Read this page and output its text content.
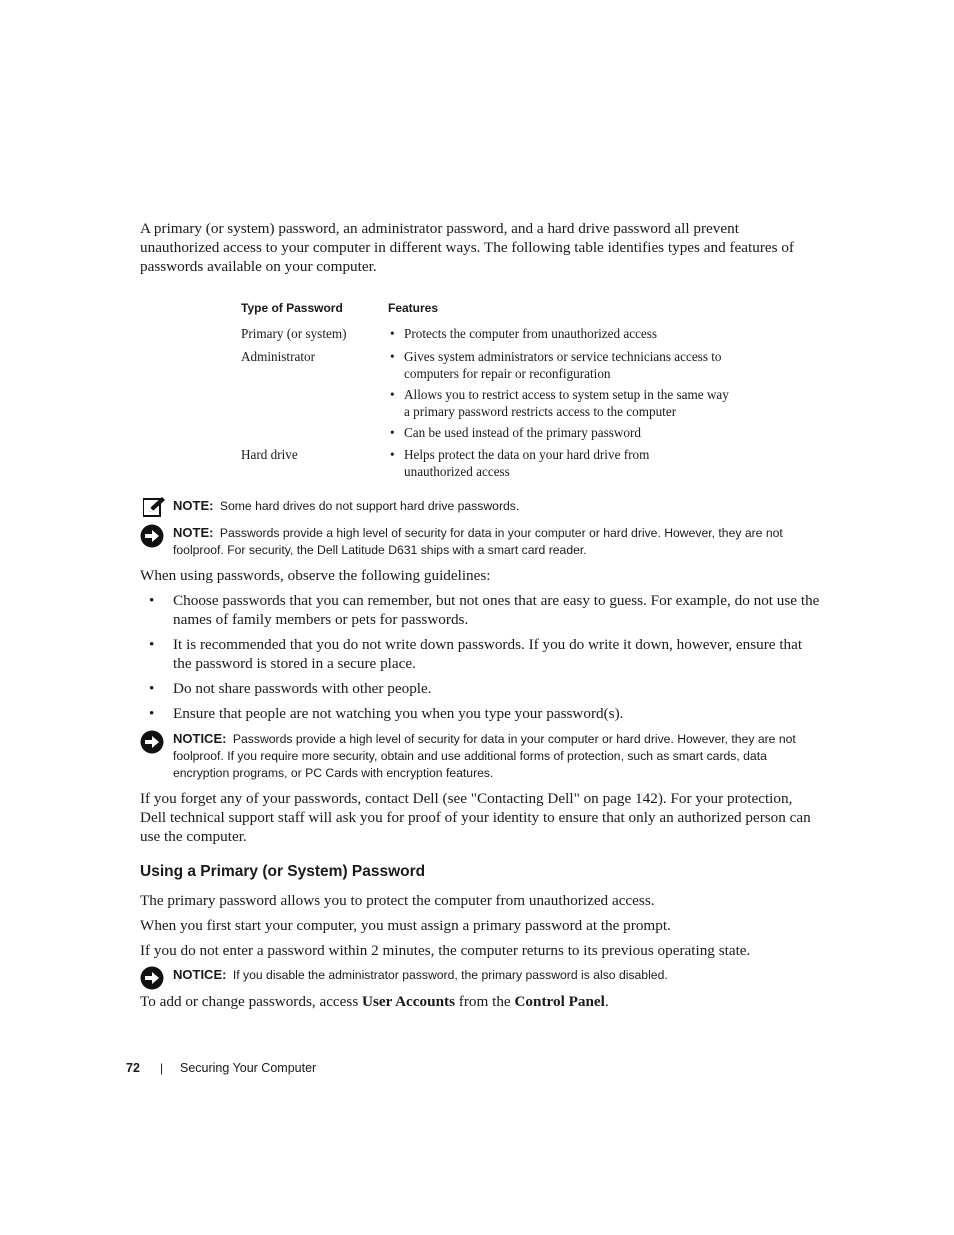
A primary (or system) password, an administrator password, and a hard drive password all prevent unauthorized access to your computer in different ways. The following table identifies types and features of passwords available on your computer.

Type of Password	Features
Primary (or system)	• Protects the computer from unauthorized access

Administrator	• Gives system administrators or service technicians access to computers for repair or reconfiguration

• Allows you to restrict access to system setup in the same way a primary password restricts access to the computer

• Can be used instead of the primary password

Hard drive	• Helps protect the data on your hard drive from unauthorized access

NOTE: Some hard drives do not support hard drive passwords.
NOTE: Passwords provide a high level of security for data in your computer or hard drive. However, they are not foolproof. For security, the Dell Latitude D631 ships with a smart card reader.

When using passwords, observe the following guidelines:

• Choose passwords that you can remember, but not ones that are easy to guess. For example, do not use the names of family members or pets for passwords.
• It is recommended that you do not write down passwords. If you do write it down, however, ensure that the password is stored in a secure place.
• Do not share passwords with other people.
• Ensure that people are not watching you when you type your password(s).
NOTICE: Passwords provide a high level of security for data in your computer or hard drive. However, they are not foolproof. If you require more security, obtain and use additional forms of protection, such as smart cards, data encryption programs, or PC Cards with encryption features.

If you forget any of your passwords, contact Dell (see "Contacting Dell" on page 142). For your protection, Dell technical support staff will ask you for proof of your identity to ensure that only an authorized person can use the computer.

Using a Primary (or System) Password

The primary password allows you to protect the computer from unauthorized access.

When you first start your computer, you must assign a primary password at the prompt.

If you do not enter a password within 2 minutes, the computer returns to its previous operating state.

NOTICE: If you disable the administrator password, the primary password is also disabled.

To add or change passwords, access User Accounts from the Control Panel.

72 | Securing Your Computer
